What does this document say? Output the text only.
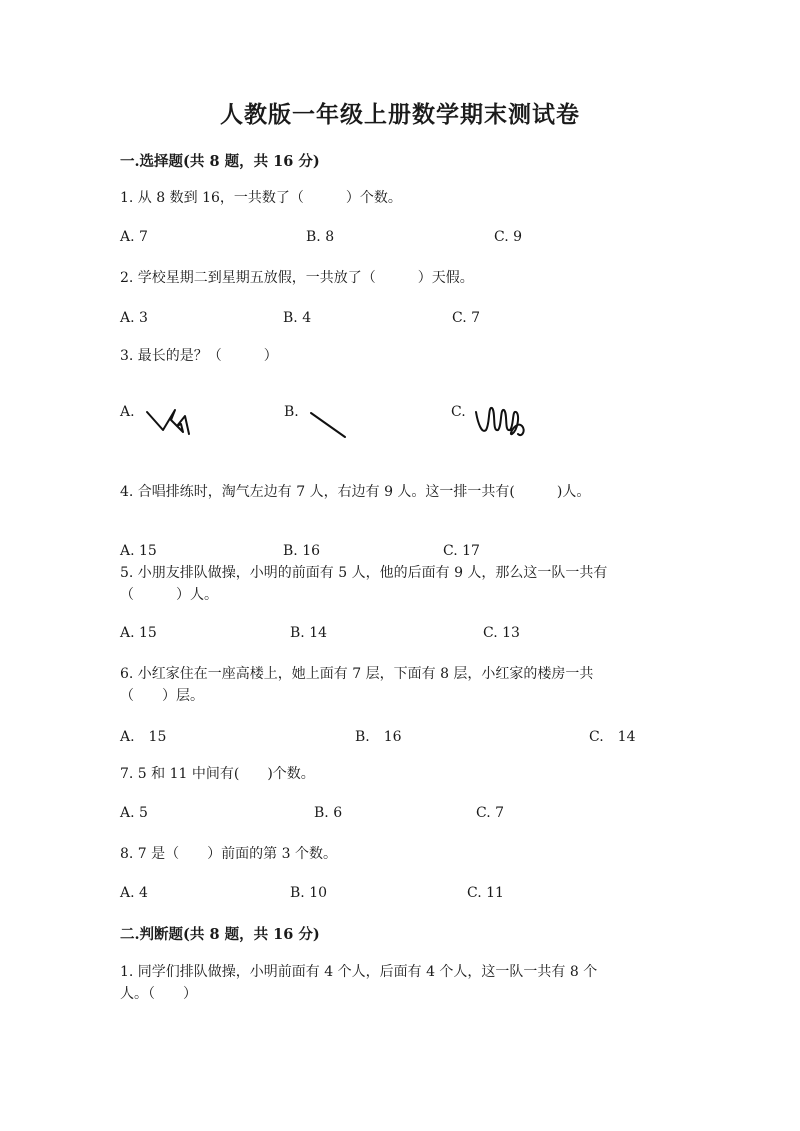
人教版一年级上册数学期末测试卷
一.选择题(共 8 题，共 16 分)
1. 从 8 数到 16，一共数了（　　　）个数。
A. 7	B. 8	C. 9
2. 学校星期二到星期五放假，一共放了（　　　）天假。
A. 3	B. 4	C. 7
3. 最长的是？（　　　）
A.	B.	C.
4. 合唱排练时，淘气左边有 7 人，右边有 9 人。这一排一共有(　　　)人。
A. 15	B. 16	C. 17
5. 小朋友排队做操，小明的前面有 5 人，他的后面有 9 人，那么这一队一共有
（　　　）人。
A. 15	B. 14	C. 13
6. 小红家住在一座高楼上，她上面有 7 层，下面有 8 层，小红家的楼房一共
（　　）层。
A.　15	B.　16	C.　14
7. 5 和 11 中间有(　　)个数。
A. 5	B. 6	C. 7
8. 7 是（　　）前面的第 3 个数。
A. 4	B. 10	C. 11
二.判断题(共 8 题，共 16 分)
1. 同学们排队做操，小明前面有 4 个人，后面有 4 个人，这一队一共有 8 个
人。（　　）
